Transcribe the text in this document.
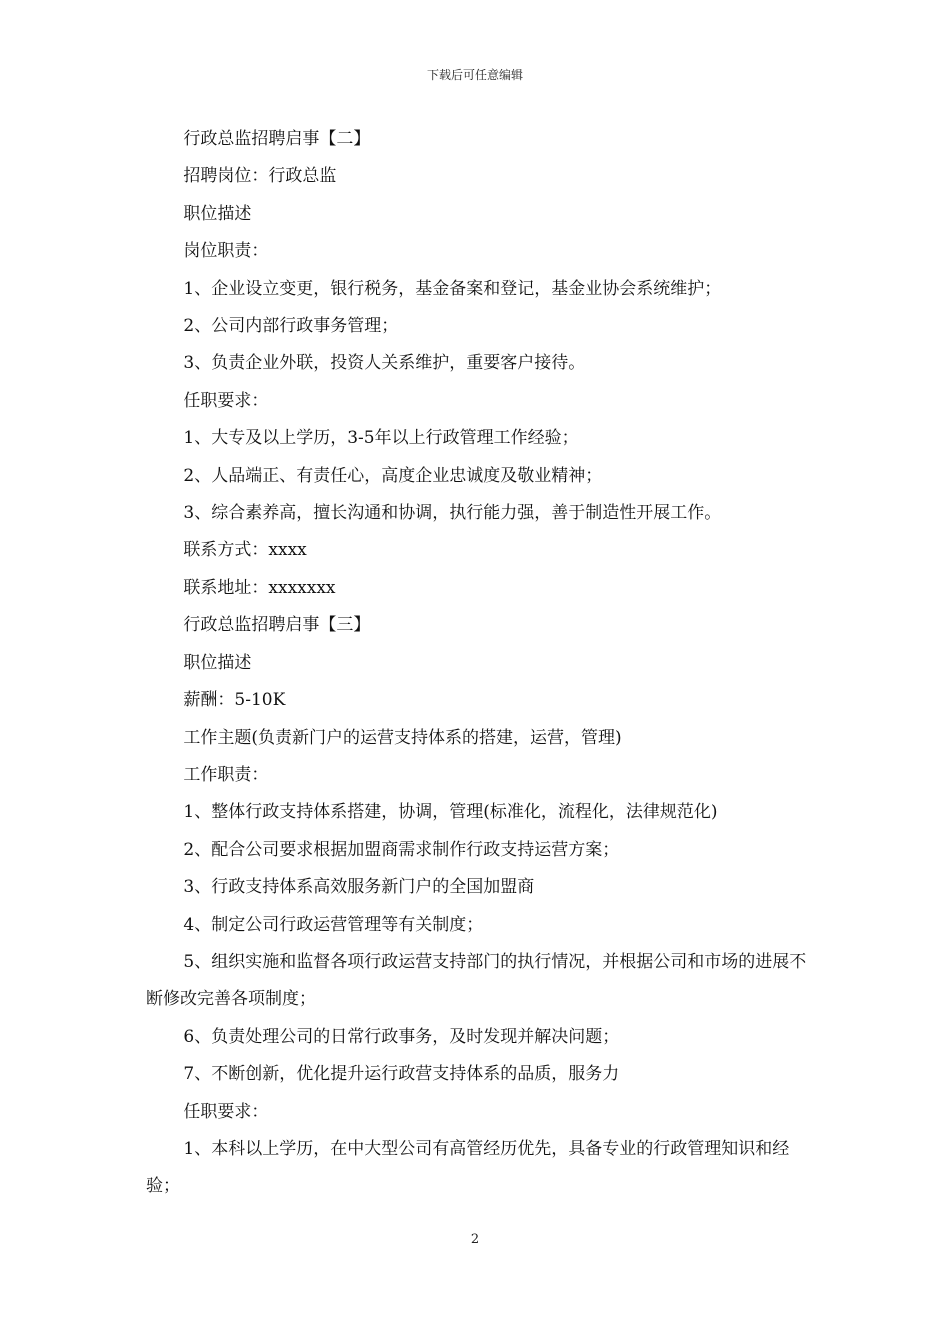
下载后可任意编辑

行政总监招聘启事【二】

招聘岗位：行政总监

职位描述

岗位职责：

1、企业设立变更，银行税务，基金备案和登记，基金业协会系统维护；

2、公司内部行政事务管理；

3、负责企业外联，投资人关系维护，重要客户接待。

任职要求：

1、大专及以上学历，3-5年以上行政管理工作经验；

2、人品端正、有责任心，高度企业忠诚度及敬业精神；

3、综合素养高，擅长沟通和协调，执行能力强，善于制造性开展工作。

联系方式：xxxx

联系地址：xxxxxxx

行政总监招聘启事【三】

职位描述

薪酬：5-10K

工作主题(负责新门户的运营支持体系的搭建，运营，管理)

工作职责：

1、整体行政支持体系搭建，协调，管理(标准化，流程化，法律规范化)

2、配合公司要求根据加盟商需求制作行政支持运营方案；

3、行政支持体系高效服务新门户的全国加盟商

4、制定公司行政运营管理等有关制度；

5、组织实施和监督各项行政运营支持部门的执行情况，并根据公司和市场的进展不断修改完善各项制度；

6、负责处理公司的日常行政事务，及时发现并解决问题；

7、不断创新，优化提升运行政营支持体系的品质，服务力

任职要求：

1、本科以上学历，在中大型公司有高管经历优先，具备专业的行政管理知识和经验；

2
